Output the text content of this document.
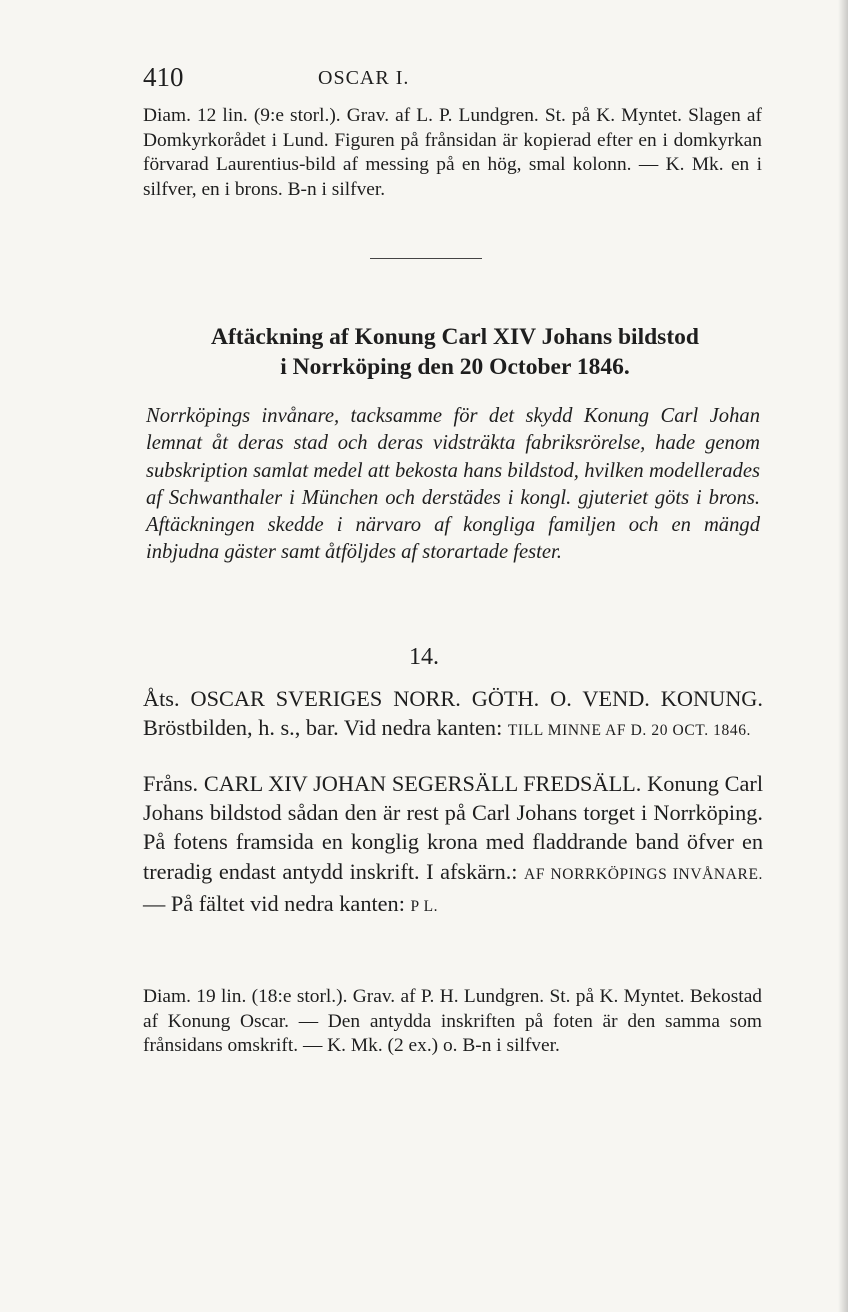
410	OSCAR I.

Diam. 12 lin. (9:e storl.). Grav. af L. P. Lundgren. St. på K. Myntet. Slagen af Domkyrkorådet i Lund. Figuren på frånsidan är kopierad efter en i domkyrkan förvarad Laurentius-bild af messing på en hög, smal kolonn. — K. Mk. en i silfver, en i brons. B-n i silfver.

Aftäckning af Konung Carl XIV Johans bildstod

i Norrköping den 20 October 1846.

Norrköpings invånare, tacksamme för det skydd Konung Carl Johan lemnat åt deras stad och deras vidsträkta fabriksrörelse, hade genom subskription samlat medel att bekosta hans bildstod, hvilken modellerades af Schwanthaler i München och derstädes i kongl. gjuteriet göts i brons. Aftäckningen skedde i närvaro af kongliga familjen och en mängd inbjudna gäster samt åtföljdes af storartade fester.

14.

Åts. OSCAR SVERIGES NORR. GÖTH. O. VEND. KONUNG. Bröstbilden, h. s., bar. Vid nedra kanten: TILL MINNE AF D. 20 OCT. 1846.

Fråns. CARL XIV JOHAN SEGERSÄLL FREDSÄLL. Konung Carl Johans bildstod sådan den är rest på Carl Johans torget i Norrköping. På fotens framsida en konglig krona med fladdrande band öfver en treradig endast antydd inskrift. I afskärn.: AF NORRKÖPINGS INVÅNARE. — På fältet vid nedra kanten: P L.

Diam. 19 lin. (18:e storl.). Grav. af P. H. Lundgren. St. på K. Myntet. Bekostad af Konung Oscar. — Den antydda inskriften på foten är den samma som frånsidans omskrift. — K. Mk. (2 ex.) o. B-n i silfver.
